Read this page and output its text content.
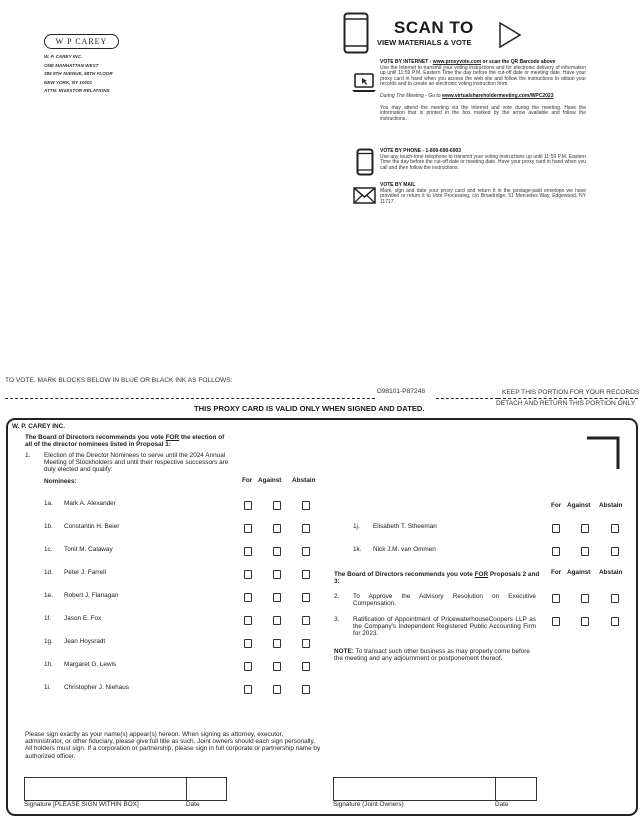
W P CAREY
W. P. CAREY INC.
ONE MANHATTAN WEST
395 9TH AVENUE, 58TH FLOOR
NEW YORK, NY 10001
ATTN: INVESTOR RELATIONS
SCAN TO
VIEW MATERIALS & VOTE
VOTE BY INTERNET - www.proxyvote.com or scan the QR Barcode above
Use the Internet to transmit your voting instructions and for electronic delivery of information up until 11:59 P.M. Eastern Time the day before the cut-off date or meeting date. Have your proxy card in hand when you access the web site and follow the instructions to obtain your records and to create an electronic voting instruction form.
During The Meeting - Go to www.virtualshareholdermeeting.com/WPC2023
You may attend the meeting via the Internet and vote during the meeting. Have the information that is printed in the box marked by the arrow available and follow the instructions.
VOTE BY PHONE - 1-800-690-6903
Use any touch-tone telephone to transmit your voting instructions up until 11:59 P.M. Eastern Time the day before the cut-off date or meeting date. Have your proxy card in hand when you call and then follow the instructions.
VOTE BY MAIL
Mark, sign and date your proxy card and return it in the postage-paid envelope we have provided or return it to Vote Processing, c/o Broadridge, 51 Mercedes Way, Edgewood, NY 11717.
TO VOTE, MARK BLOCKS BELOW IN BLUE OR BLACK INK AS FOLLOWS:
D98101-P87248	KEEP THIS PORTION FOR YOUR RECORDS
DETACH AND RETURN THIS PORTION ONLY
THIS PROXY CARD IS VALID ONLY WHEN SIGNED AND DATED.
W. P. CAREY INC.
The Board of Directors recommends you vote FOR the election of all of the director nominees listed in Proposal 1:
1. Election of the Director Nominees to serve until the 2024 Annual Meeting of Stockholders and until their respective successors are duly elected and qualify:
Nominees:	For Against Abstain
1a. Mark A. Alexander
1b. Constantin H. Beier
1c. Tonit M. Calaway
1d. Peter J. Farrell
1e. Robert J. Flanagan
1f. Jason E. Fox
1g. Jean Hoysradt
1h. Margaret G. Lewis
1i. Christopher J. Niehaus
For Against Abstain
1j. Elisabeth T. Stheeman
1k. Nick J.M. van Ommen
The Board of Directors recommends you vote FOR Proposals 2 and 3:
For Against Abstain
2. To Approve the Advisory Resolution on Executive Compensation.
3. Ratification of Appointment of PricewaterhouseCoopers LLP as the Company's Independent Registered Public Accounting Firm for 2023.
NOTE: To transact such other business as may properly come before the meeting and any adjournment or postponement thereof.
Please sign exactly as your name(s) appear(s) hereon. When signing as attorney, executor, administrator, or other fiduciary, please give full title as such. Joint owners should each sign personally. All holders must sign. If a corporation or partnership, please sign in full corporate or partnership name by authorized officer.
Signature [PLEASE SIGN WITHIN BOX]	Date	Signature (Joint Owners)	Date
